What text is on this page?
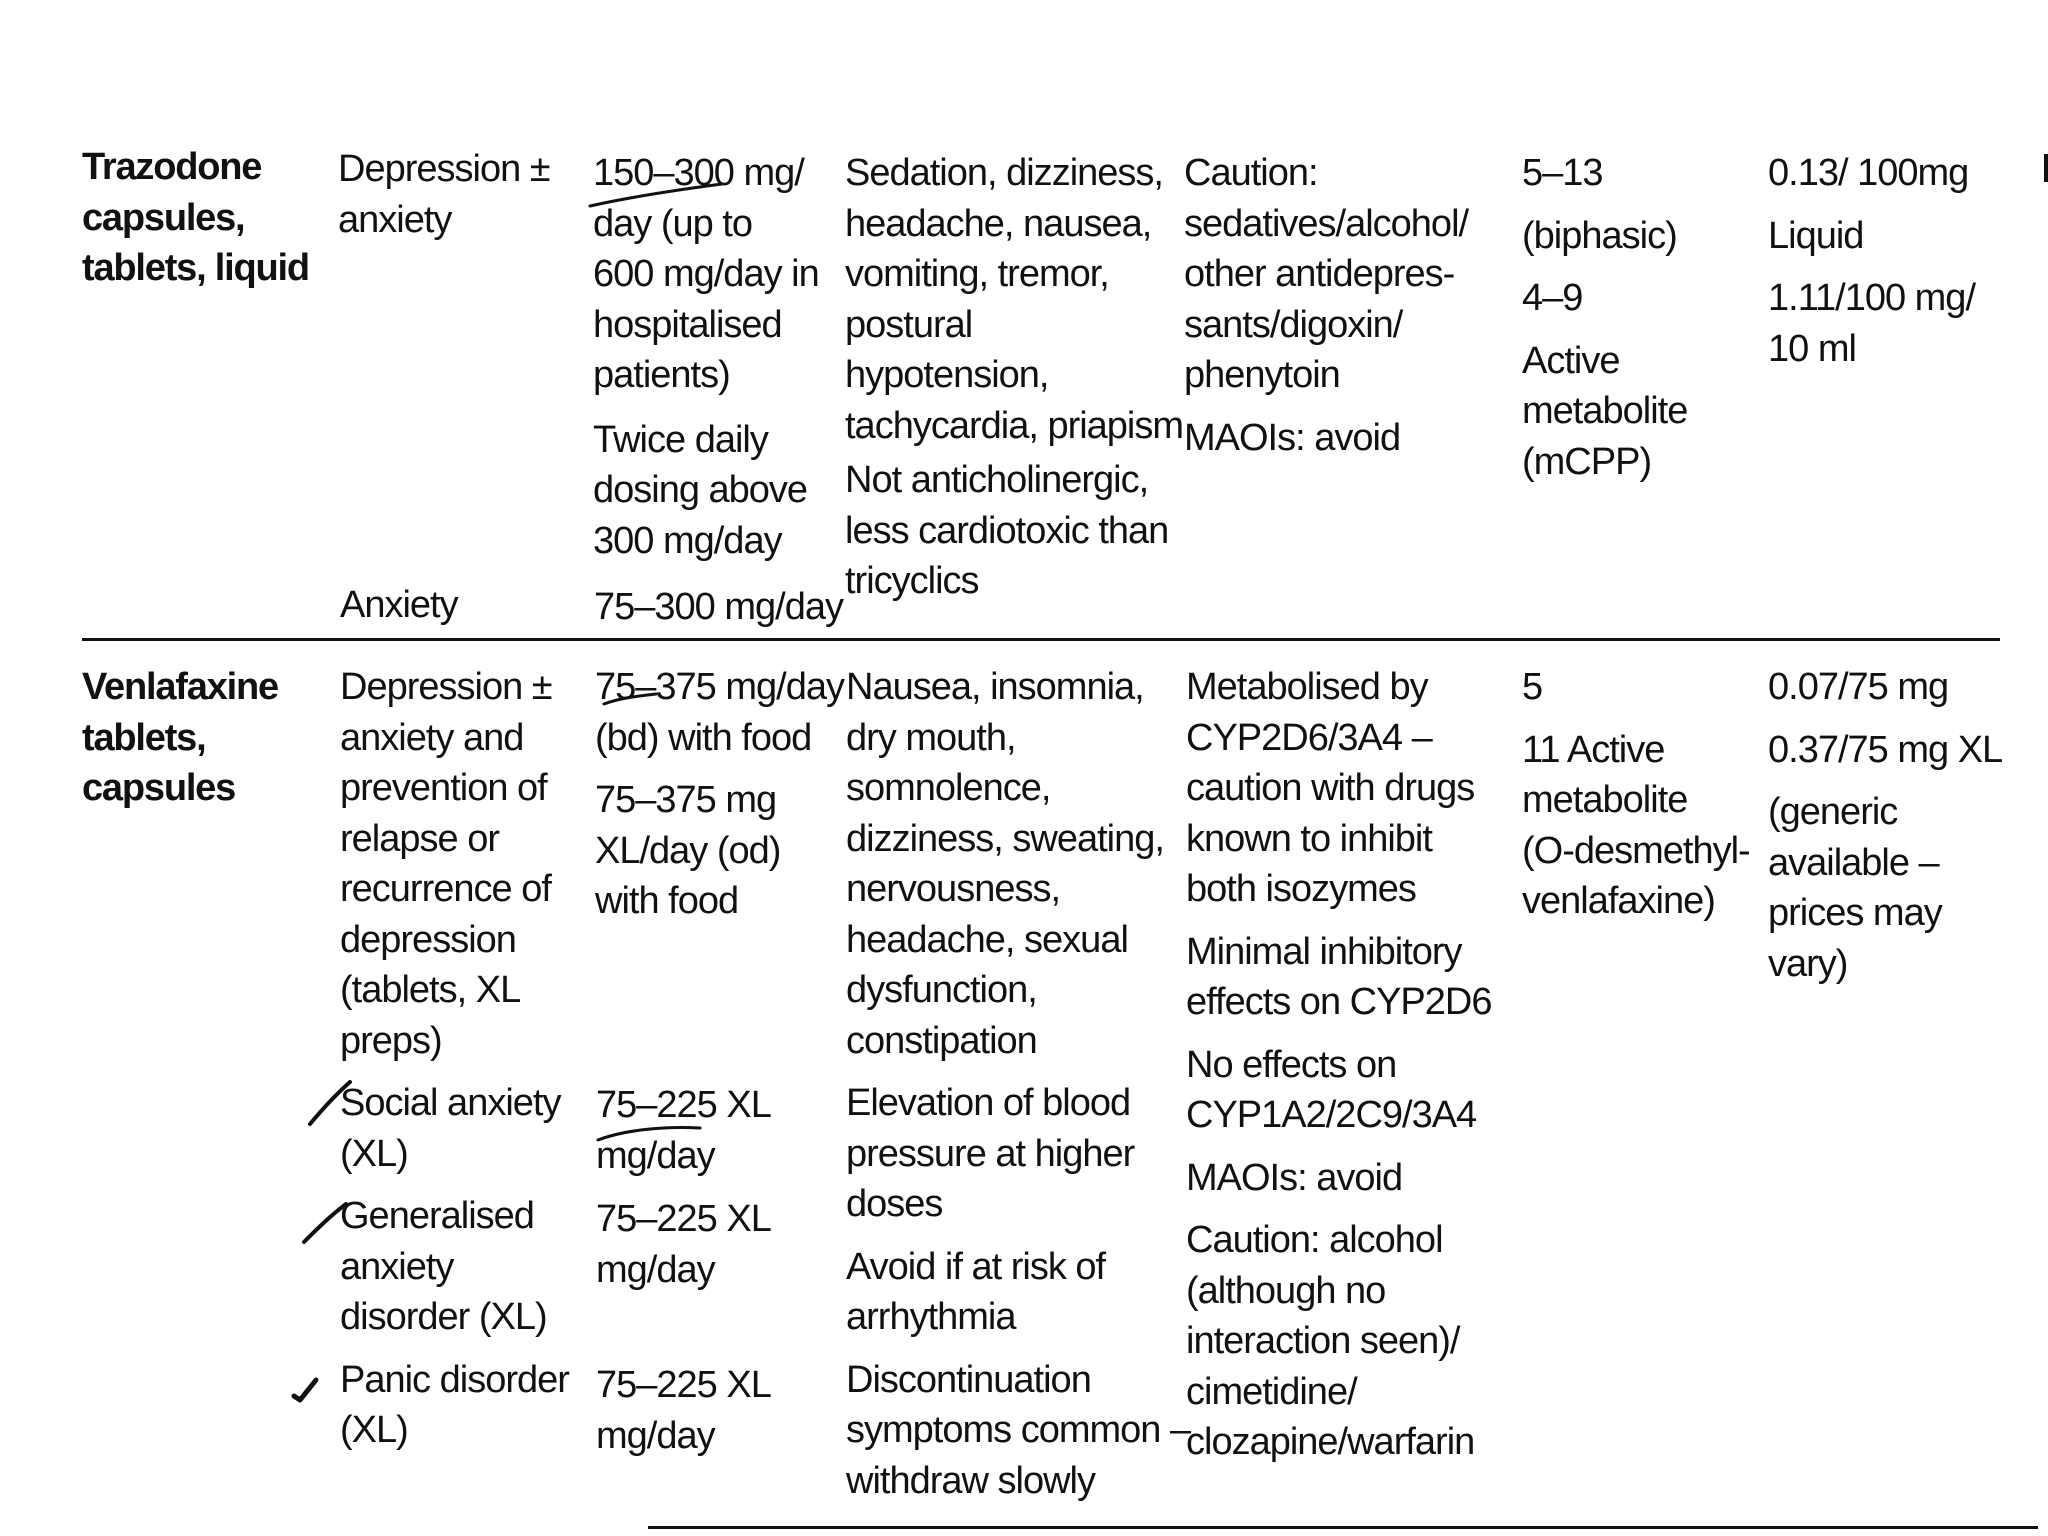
Trazodone
capsules,
tablets, liquid
Depression ±
anxiety
Anxiety
150–300 mg/
day (up to
600 mg/day in
hospitalised
patients)
Twice daily
dosing above
300 mg/day
75–300 mg/day
Sedation, dizziness,
headache, nausea,
vomiting, tremor,
postural
hypotension,
tachycardia, priapism
Not anticholinergic,
less cardiotoxic than
tricyclics
Caution:
sedatives/alcohol/
other antidepres-
sants/digoxin/
phenytoin
MAOIs: avoid
5–13
(biphasic)
4–9
Active
metabolite
(mCPP)
0.13/ 100mg
Liquid
1.11/100 mg/
10 ml
Venlafaxine
tablets,
capsules
Depression ±
anxiety and
prevention of
relapse or
recurrence of
depression
(tablets, XL
preps)
Social anxiety
(XL)
Generalised
anxiety
disorder (XL)
Panic disorder
(XL)
75–375 mg/day
(bd) with food
75–375 mg
XL/day (od)
with food
75–225 XL
mg/day
75–225 XL
mg/day
75–225 XL
mg/day
Nausea, insomnia,
dry mouth,
somnolence,
dizziness, sweating,
nervousness,
headache, sexual
dysfunction,
constipation
Elevation of blood
pressure at higher
doses
Avoid if at risk of
arrhythmia
Discontinuation
symptoms common –
withdraw slowly
Metabolised by
CYP2D6/3A4 –
caution with drugs
known to inhibit
both isozymes
Minimal inhibitory
effects on CYP2D6
No effects on
CYP1A2/2C9/3A4
MAOIs: avoid
Caution: alcohol
(although no
interaction seen)/
cimetidine/
clozapine/warfarin
5
11 Active
metabolite
(O-desmethyl-
venlafaxine)
0.07/75 mg
0.37/75 mg XL
(generic
available –
prices may
vary)
